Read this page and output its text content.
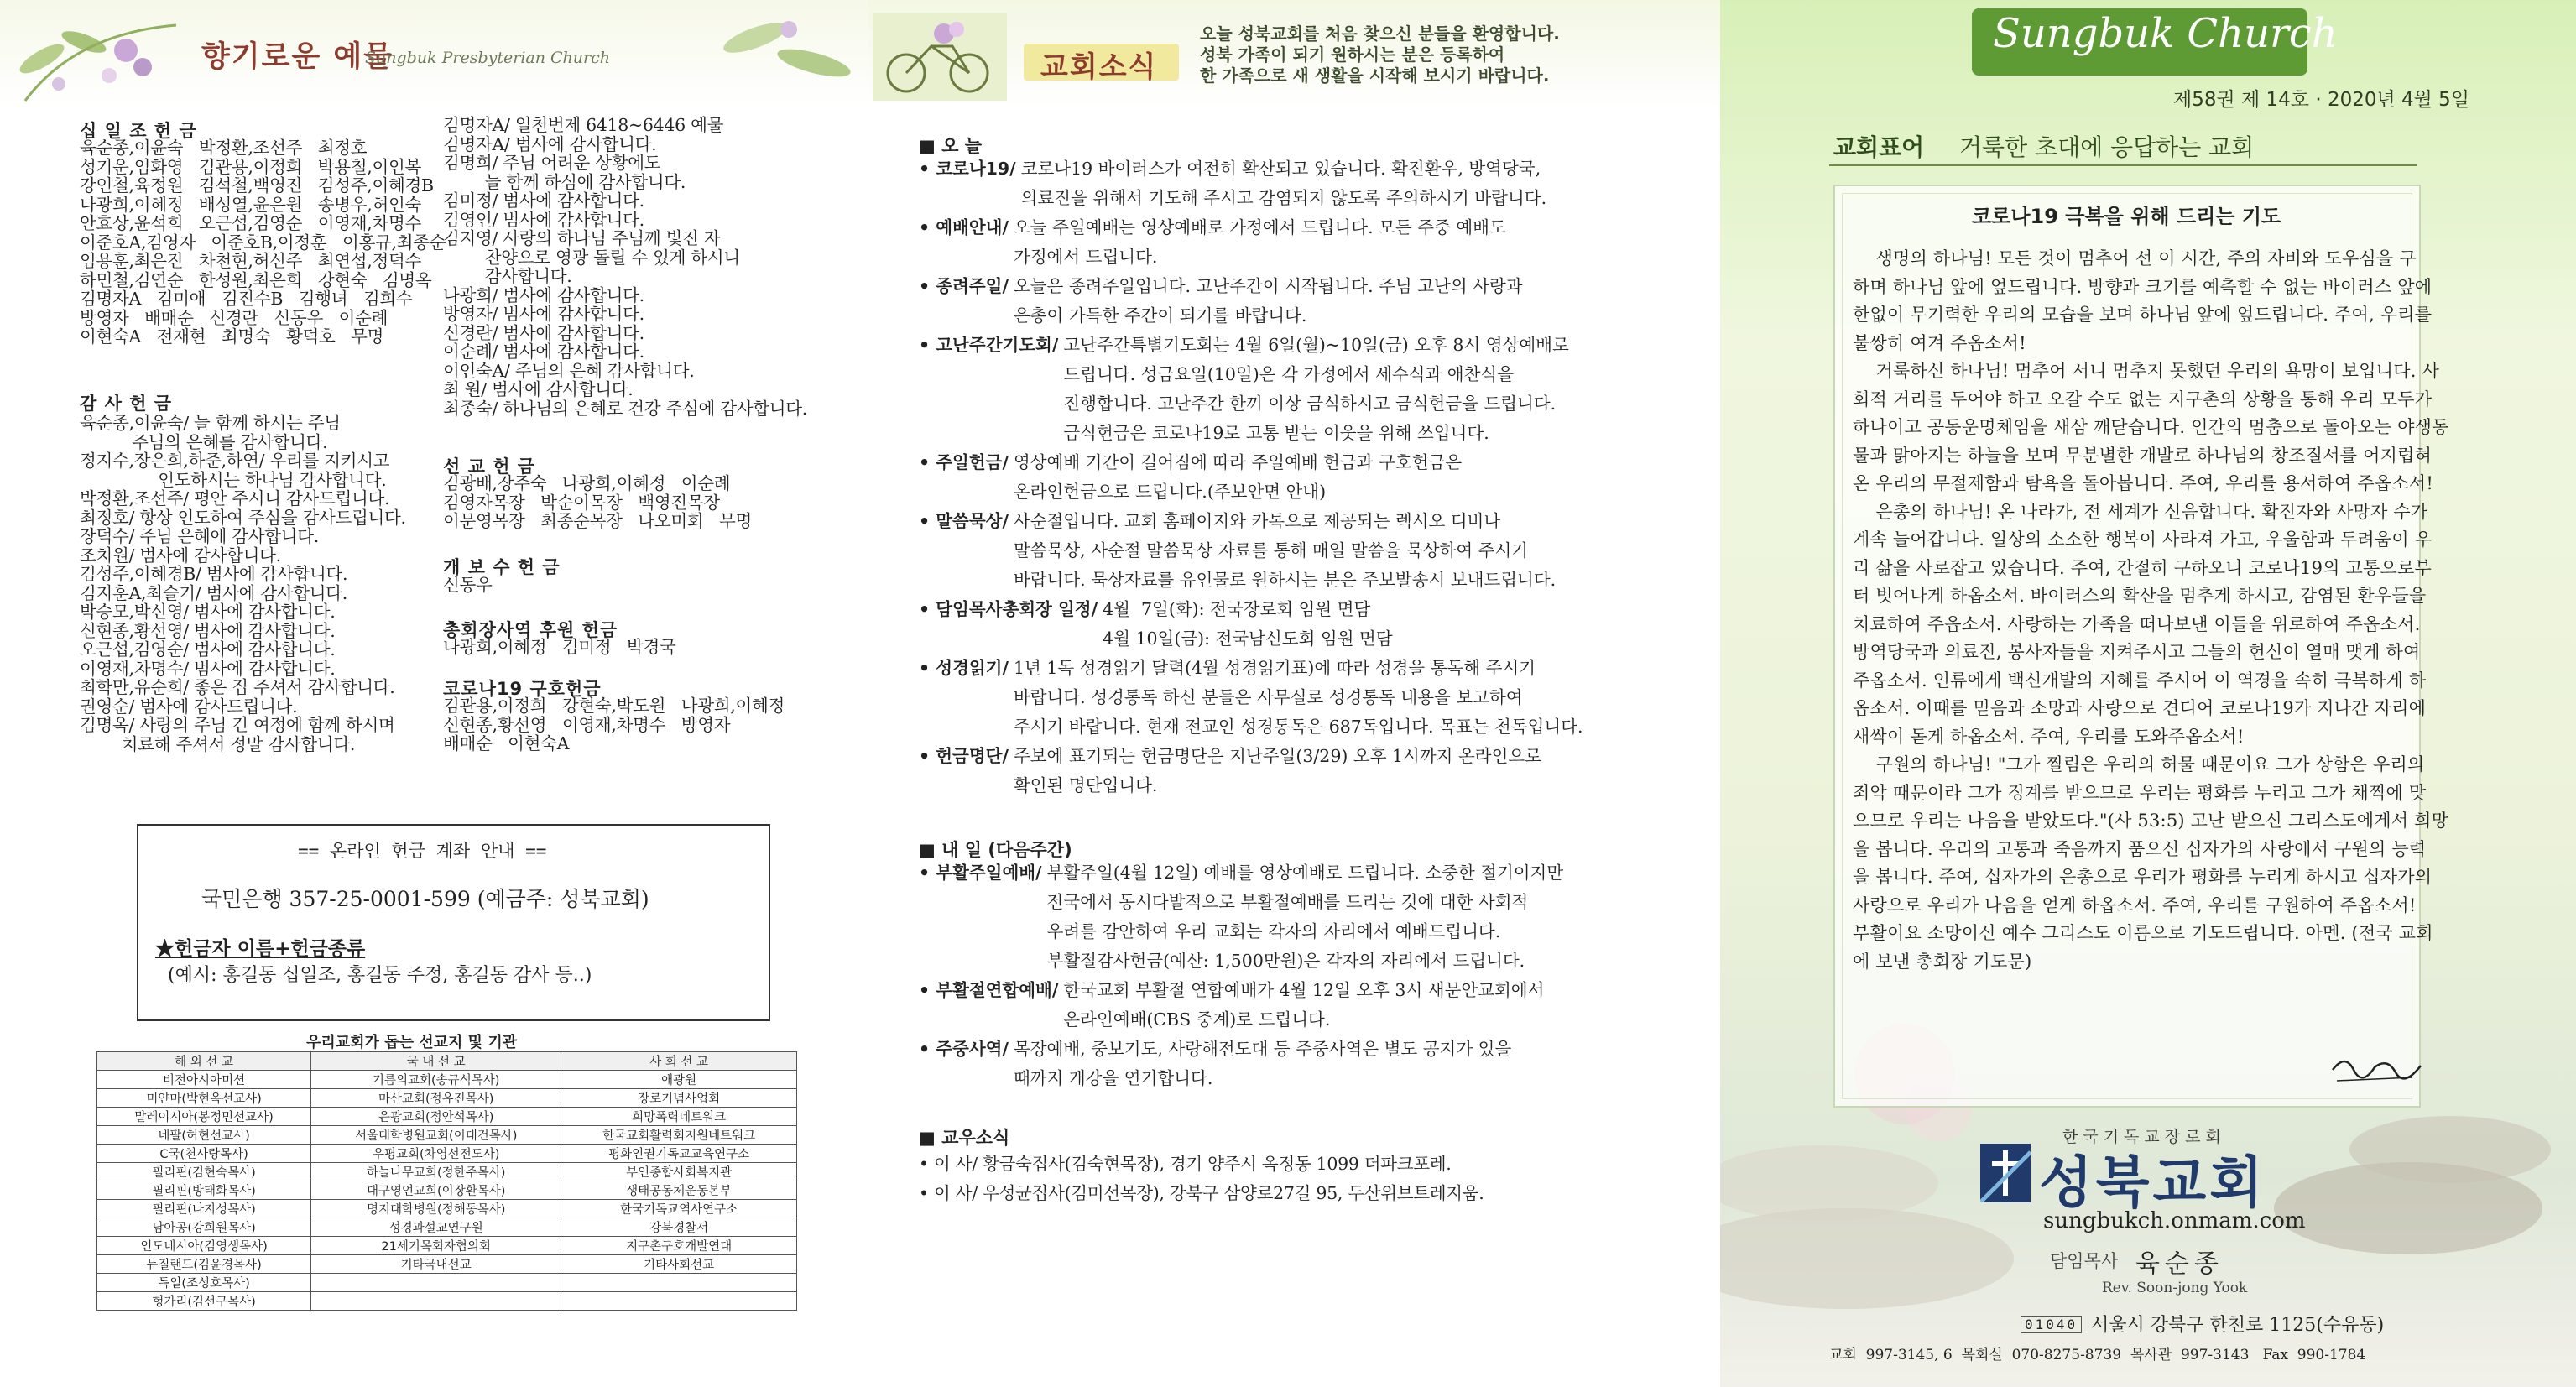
향기로운 예물
Sungbuk Presbyterian Church
십 일 조 헌 금
육순종,이윤숙   박정환,조선주   최정호
성기운,임화영   김관용,이정희   박용철,이인복
강인철,육정원   김석철,백영진   김성주,이혜경B
나광희,이혜정   배성열,윤은원   송병우,허인숙
안효상,윤석희   오근섭,김영순   이영재,차명수
이준호A,김영자   이준호B,이정훈   이홍규,최종순
임용훈,최은진   차천현,허신주   최연섭,정덕수
하민철,김연순   한성원,최은희   강현숙   김명옥
김명자A   김미애   김진수B   김행녀   김희수
방영자   배매순   신경란   신동우   이순례
이현숙A   전재현   최명숙   황덕호   무명
감 사 헌 금
육순종,이윤숙/ 늘 함께 하시는 주님
주님의 은혜를 감사합니다.
정지수,장은희,하준,하연/ 우리를 지키시고
인도하시는 하나님 감사합니다.
박정환,조선주/ 평안 주시니 감사드립니다.
최정호/ 항상 인도하여 주심을 감사드립니다.
장덕수/ 주님 은혜에 감사합니다.
조치원/ 범사에 감사합니다.
김성주,이혜경B/ 범사에 감사합니다.
김지훈A,최슬기/ 범사에 감사합니다.
박승모,박신영/ 범사에 감사합니다.
신현종,황선영/ 범사에 감사합니다.
오근섭,김영순/ 범사에 감사합니다.
이영재,차명수/ 범사에 감사합니다.
최학만,유순희/ 좋은 집 주셔서 감사합니다.
권영순/ 범사에 감사드립니다.
김명옥/ 사랑의 주님 긴 여정에 함께 하시며
치료해 주셔서 정말 감사합니다.
김명자A/ 일천번제 6418~6446 예물
김명자A/ 범사에 감사합니다.
김명희/ 주님 어려운 상황에도
늘 함께 하심에 감사합니다.
김미정/ 범사에 감사합니다.
김영인/ 범사에 감사합니다.
김지영/ 사랑의 하나님 주님께 빛진 자
찬양으로 영광 돌릴 수 있게 하시니
감사합니다.
나광희/ 범사에 감사합니다.
방영자/ 범사에 감사합니다.
신경란/ 범사에 감사합니다.
이순례/ 범사에 감사합니다.
이인숙A/ 주님의 은혜 감사합니다.
최 원/ 범사에 감사합니다.
최종숙/ 하나님의 은혜로 건강 주심에 감사합니다.
선 교 헌 금
김광배,장주숙   나광희,이혜정   이순례
김영자목장   박순이목장   백영진목장
이문영목장   최종순목장   나오미회   무명
개 보 수 헌 금
신동우
총회장사역 후원 헌금
나광희,이혜정   김미정   박경국
코로나19 구호헌금
김관용,이정희   강현숙,박도원   나광희,이혜정
신현종,황선영   이영재,차명수   방영자
배매순   이현숙A
== 온라인 헌금 계좌 안내 ==
국민은행 357-25-0001-599 (예금주: 성북교회)
★헌금자 이름+헌금종류
(예시: 홍길동 십일조, 홍길동 주정, 홍길동 감사 등..)
우리교회가 돕는 선교지 및 기관
해 외 선 교	국 내 선 교	사 회 선 교
비전아시아미션	기름의교회(송규석목사)	애광원
미얀마(박현옥선교사)	마산교회(정유진목사)	장로기념사업회
말레이시아(봉정민선교사)	은광교회(정안석목사)	희망폭력네트워크
네팔(허현선교사)	서울대학병원교회(이대건목사)	한국교회활력회지원네트워크
C국(천사랑목사)	우평교회(차영선전도사)	평화인권기독교교육연구소
필리핀(김현숙목사)	하늘나무교회(정한주목사)	부인종합사회복지관
필리핀(방태화목사)	대구영언교회(이장환목사)	생태공동체운동본부
필리핀(나지성목사)	명지대학병원(정해동목사)	한국기독교역사연구소
남아공(강희원목사)	성경과설교연구원	강북경찰서
인도네시아(김영생목사)	21세기목회자협의회	지구촌구호개발연대
뉴질랜드(김윤경목사)	기타국내선교	기타사회선교
독일(조성호목사)		
헝가리(김선구목사)		
교회소식
오늘 성북교회를 처음 찾으신 분들을 환영합니다.
성북 가족이 되기 원하시는 분은 등록하여
한 가족으로 새 생활을 시작해 보시기 바랍니다.
■ 오 늘
• 코로나19/ 코로나19 바이러스가 여전히 확산되고 있습니다. 확진환우, 방역당국,
의료진을 위해서 기도해 주시고 감염되지 않도록 주의하시기 바랍니다.
• 예배안내/ 오늘 주일예배는 영상예배로 가정에서 드립니다. 모든 주중 예배도
가정에서 드립니다.
• 종려주일/ 오늘은 종려주일입니다. 고난주간이 시작됩니다. 주님 고난의 사랑과
은총이 가득한 주간이 되기를 바랍니다.
• 고난주간기도회/ 고난주간특별기도회는 4월 6일(월)~10일(금) 오후 8시 영상예배로
드립니다. 성금요일(10일)은 각 가정에서 세수식과 애찬식을
진행합니다. 고난주간 한끼 이상 금식하시고 금식헌금을 드립니다.
금식헌금은 코로나19로 고통 받는 이웃을 위해 쓰입니다.
• 주일헌금/ 영상예배 기간이 길어짐에 따라 주일예배 헌금과 구호헌금은
온라인헌금으로 드립니다.(주보안면 안내)
• 말씀묵상/ 사순절입니다. 교회 홈페이지와 카톡으로 제공되는 렉시오 디비나
말씀묵상, 사순절 말씀묵상 자료를 통해 매일 말씀을 묵상하여 주시기
바랍니다. 묵상자료를 유인물로 원하시는 분은 주보발송시 보내드립니다.
• 담임목사총회장 일정/ 4월  7일(화): 전국장로회 임원 면담
4월 10일(금): 전국남신도회 임원 면담
• 성경읽기/ 1년 1독 성경읽기 달력(4월 성경읽기표)에 따라 성경을 통독해 주시기
바랍니다. 성경통독 하신 분들은 사무실로 성경통독 내용을 보고하여
주시기 바랍니다. 현재 전교인 성경통독은 687독입니다. 목표는 천독입니다.
• 헌금명단/ 주보에 표기되는 헌금명단은 지난주일(3/29) 오후 1시까지 온라인으로
확인된 명단입니다.
■ 내 일 (다음주간)
• 부활주일예배/ 부활주일(4월 12일) 예배를 영상예배로 드립니다. 소중한 절기이지만
전국에서 동시다발적으로 부활절예배를 드리는 것에 대한 사회적
우려를 감안하여 우리 교회는 각자의 자리에서 예배드립니다.
부활절감사헌금(예산: 1,500만원)은 각자의 자리에서 드립니다.
• 부활절연합예배/ 한국교회 부활절 연합예배가 4월 12일 오후 3시 새문안교회에서
온라인예배(CBS 중계)로 드립니다.
• 주중사역/ 목장예배, 중보기도, 사랑해전도대 등 주중사역은 별도 공지가 있을
때까지 개강을 연기합니다.
■ 교우소식
• 이 사/ 황금숙집사(김숙현목장), 경기 양주시 옥정동 1099 더파크포레.
• 이 사/ 우성균집사(김미선목장), 강북구 삼양로27길 95, 두산위브트레지움.
Sungbuk Church
제58권 제 14호 · 2020년 4월 5일
교회표어 거룩한 초대에 응답하는 교회
코로나19 극복을 위해 드리는 기도
생명의 하나님! 모든 것이 멈추어 선 이 시간, 주의 자비와 도우심을 구
하며 하나님 앞에 엎드립니다. 방향과 크기를 예측할 수 없는 바이러스 앞에
한없이 무기력한 우리의 모습을 보며 하나님 앞에 엎드립니다. 주여, 우리를
불쌍히 여겨 주옵소서!
거룩하신 하나님! 멈추어 서니 멈추지 못했던 우리의 욕망이 보입니다. 사
회적 거리를 두어야 하고 오갈 수도 없는 지구촌의 상황을 통해 우리 모두가
하나이고 공동운명체임을 새삼 깨닫습니다. 인간의 멈춤으로 돌아오는 야생동
물과 맑아지는 하늘을 보며 무분별한 개발로 하나님의 창조질서를 어지럽혀
온 우리의 무절제함과 탐욕을 돌아봅니다. 주여, 우리를 용서하여 주옵소서!
은총의 하나님! 온 나라가, 전 세계가 신음합니다. 확진자와 사망자 수가
계속 늘어갑니다. 일상의 소소한 행복이 사라져 가고, 우울함과 두려움이 우
리 삶을 사로잡고 있습니다. 주여, 간절히 구하오니 코로나19의 고통으로부
터 벗어나게 하옵소서. 바이러스의 확산을 멈추게 하시고, 감염된 환우들을
치료하여 주옵소서. 사랑하는 가족을 떠나보낸 이들을 위로하여 주옵소서.
방역당국과 의료진, 봉사자들을 지켜주시고 그들의 헌신이 열매 맺게 하여
주옵소서. 인류에게 백신개발의 지혜를 주시어 이 역경을 속히 극복하게 하
옵소서. 이때를 믿음과 소망과 사랑으로 견디어 코로나19가 지나간 자리에
새싹이 돋게 하옵소서. 주여, 우리를 도와주옵소서!
구원의 하나님! "그가 찔림은 우리의 허물 때문이요 그가 상함은 우리의
죄악 때문이라 그가 징계를 받으므로 우리는 평화를 누리고 그가 채찍에 맞
으므로 우리는 나음을 받았도다."(사 53:5) 고난 받으신 그리스도에게서 희망
을 봅니다. 우리의 고통과 죽음까지 품으신 십자가의 사랑에서 구원의 능력
을 봅니다. 주여, 십자가의 은총으로 우리가 평화를 누리게 하시고 십자가의
사랑으로 우리가 나음을 얻게 하옵소서. 주여, 우리를 구원하여 주옵소서!
부활이요 소망이신 예수 그리스도 이름으로 기도드립니다. 아멘. (전국 교회
에 보낸 총회장 기도문)
한국기독교장로회
성북교회
sungbukch.onmam.com
담임목사 육순종
Rev. Soon-jong Yook
01040 서울시 강북구 한천로 1125(수유동)
교회  997-3145, 6  목회실  070-8275-8739  목사관  997-3143   Fax  990-1784
